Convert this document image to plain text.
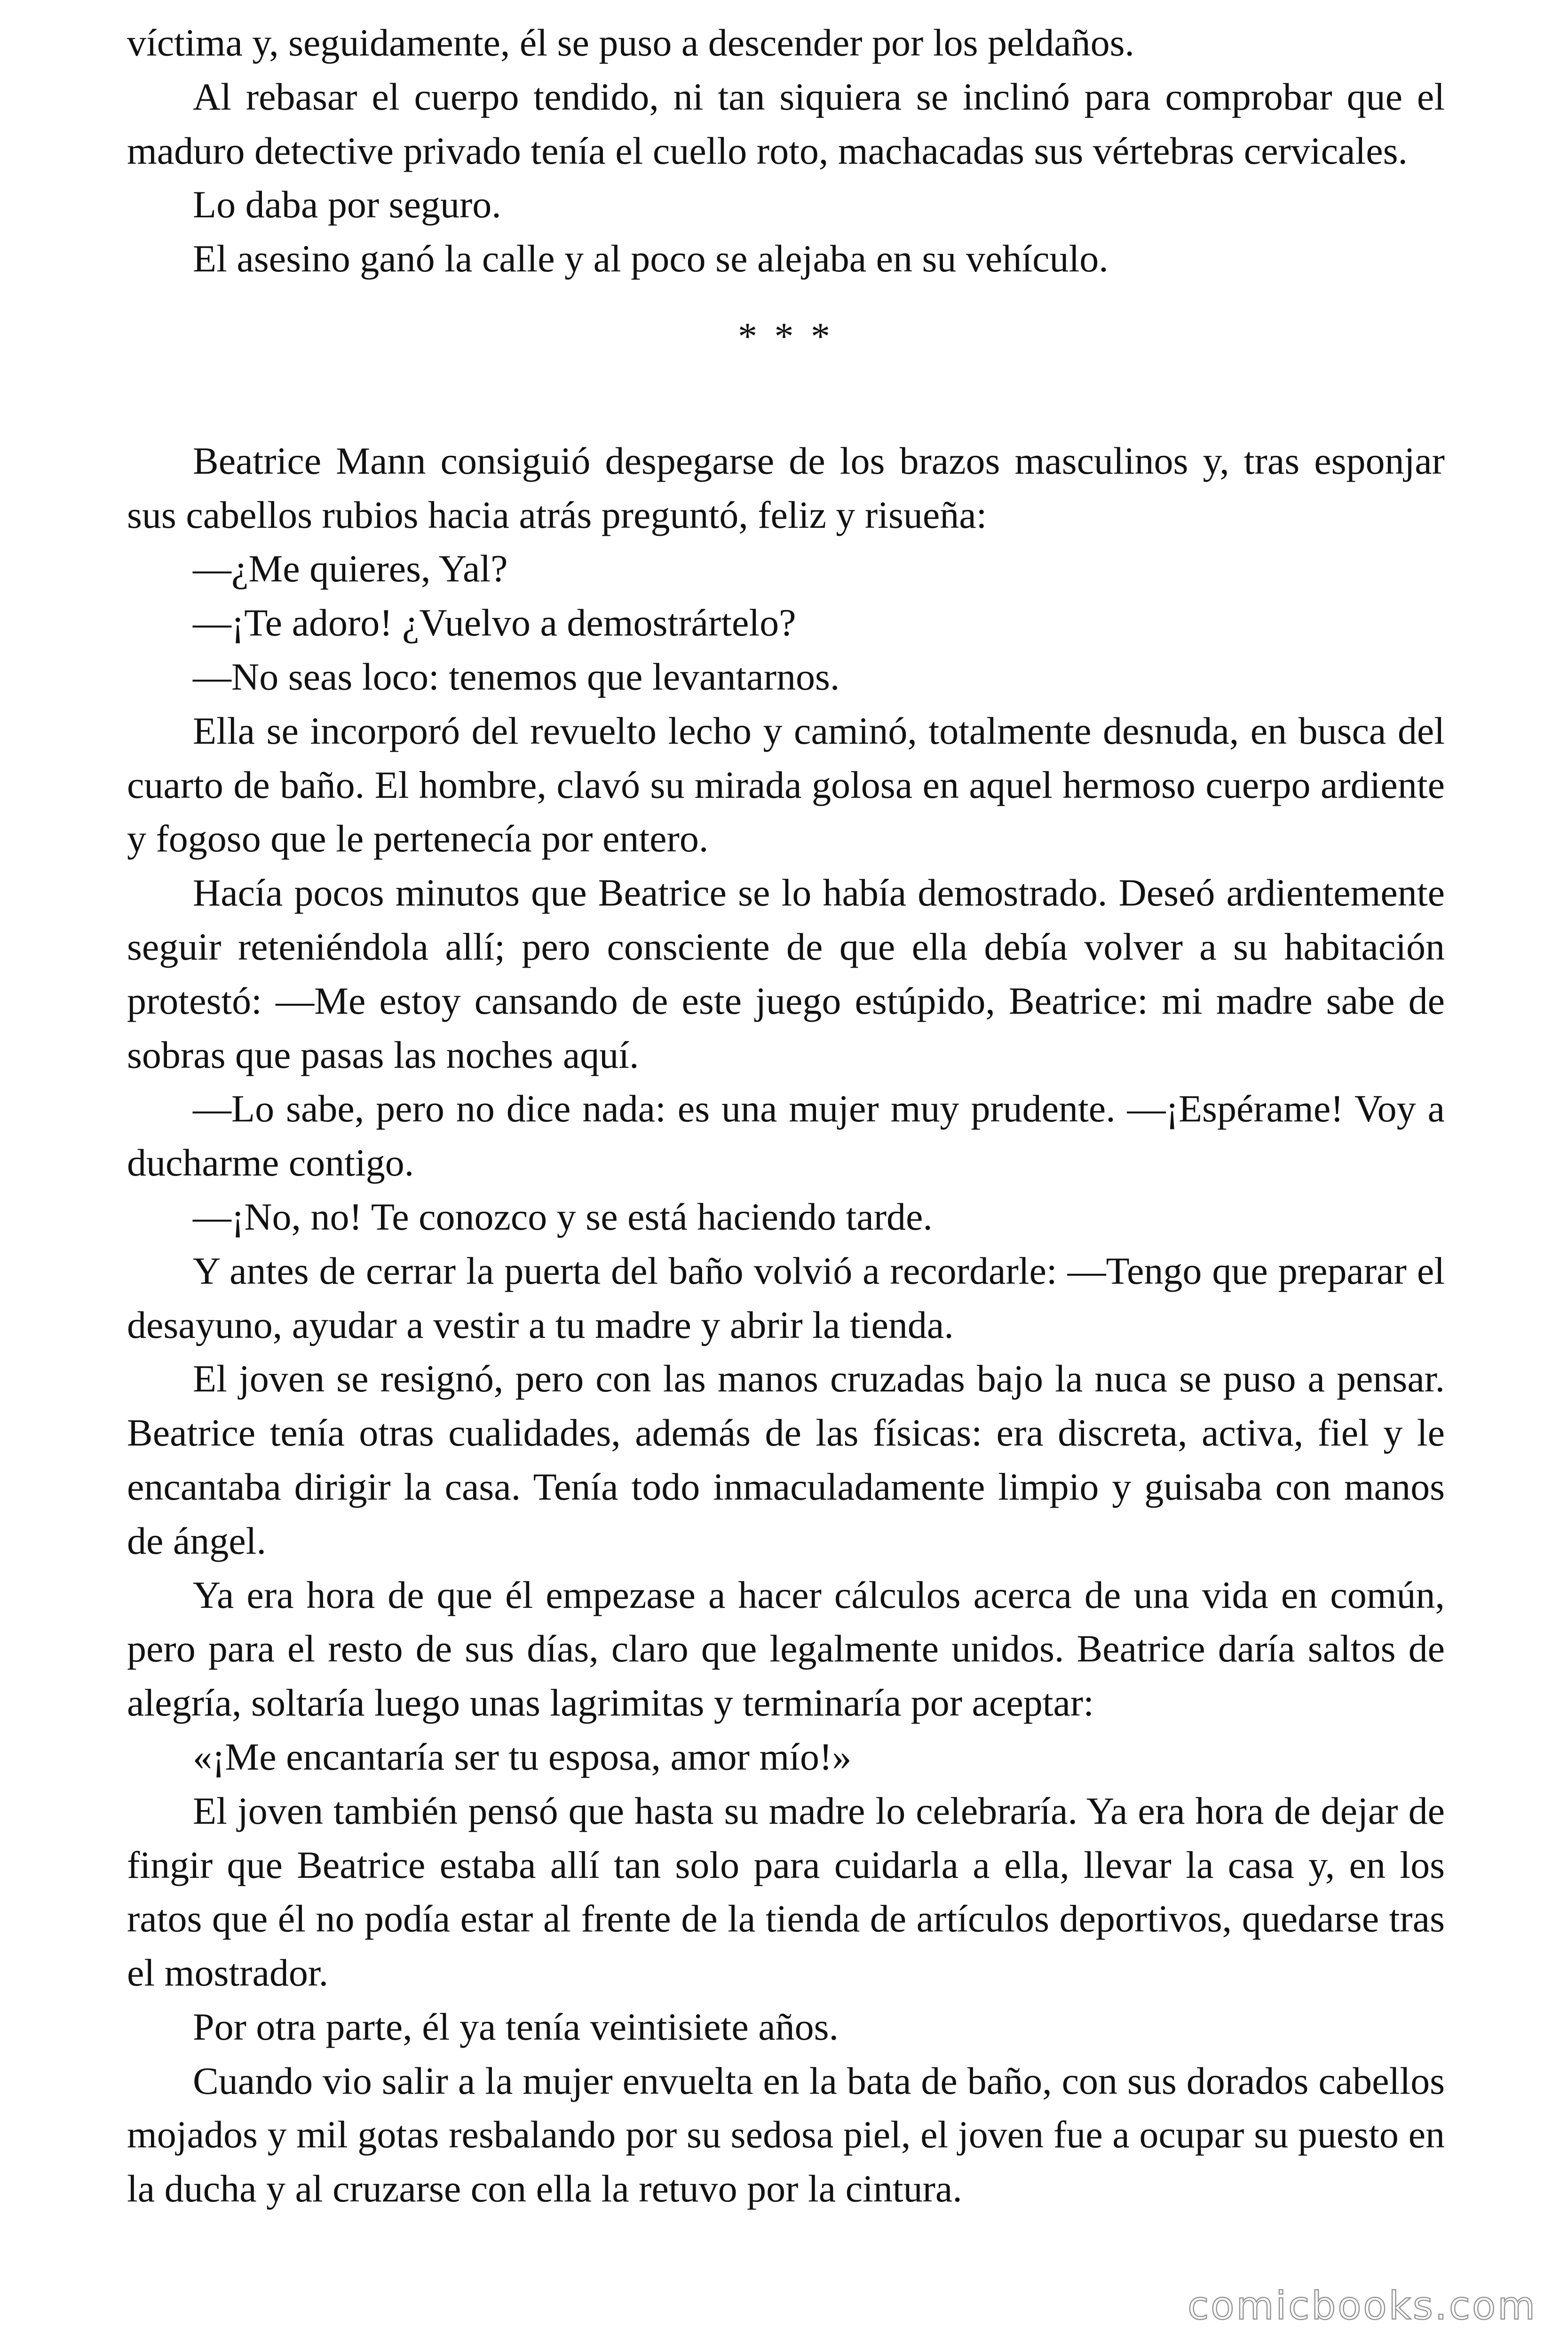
víctima y, seguidamente, él se puso a descender por los peldaños.

Al rebasar el cuerpo tendido, ni tan siquiera se inclinó para comprobar que el maduro detective privado tenía el cuello roto, machacadas sus vértebras cervicales.

Lo daba por seguro.

El asesino ganó la calle y al poco se alejaba en su vehículo.

* * *

Beatrice Mann consiguió despegarse de los brazos masculinos y, tras esponjar sus cabellos rubios hacia atrás preguntó, feliz y risueña:

—¿Me quieres, Yal?

—¡Te adoro! ¿Vuelvo a demostrártelo?

—No seas loco: tenemos que levantarnos.

Ella se incorporó del revuelto lecho y caminó, totalmente desnuda, en busca del cuarto de baño. El hombre, clavó su mirada golosa en aquel hermoso cuerpo ardiente y fogoso que le pertenecía por entero.

Hacía pocos minutos que Beatrice se lo había demostrado. Deseó ardientemente seguir reteniéndola allí; pero consciente de que ella debía volver a su habitación protestó: —Me estoy cansando de este juego estúpido, Beatrice: mi madre sabe de sobras que pasas las noches aquí.

—Lo sabe, pero no dice nada: es una mujer muy prudente. —¡Espérame! Voy a ducharme contigo.

—¡No, no! Te conozco y se está haciendo tarde.

Y antes de cerrar la puerta del baño volvió a recordarle: —Tengo que preparar el desayuno, ayudar a vestir a tu madre y abrir la tienda.

El joven se resignó, pero con las manos cruzadas bajo la nuca se puso a pensar. Beatrice tenía otras cualidades, además de las físicas: era discreta, activa, fiel y le encantaba dirigir la casa. Tenía todo inmaculadamente limpio y guisaba con manos de ángel.

Ya era hora de que él empezase a hacer cálculos acerca de una vida en común, pero para el resto de sus días, claro que legalmente unidos. Beatrice daría saltos de alegría, soltaría luego unas lagrimitas y terminaría por aceptar:

«¡Me encantaría ser tu esposa, amor mío!»

El joven también pensó que hasta su madre lo celebraría. Ya era hora de dejar de fingir que Beatrice estaba allí tan solo para cuidarla a ella, llevar la casa y, en los ratos que él no podía estar al frente de la tienda de artículos deportivos, quedarse tras el mostrador.

Por otra parte, él ya tenía veintisiete años.

Cuando vio salir a la mujer envuelta en la bata de baño, con sus dorados cabellos mojados y mil gotas resbalando por su sedosa piel, el joven fue a ocupar su puesto en la ducha y al cruzarse con ella la retuvo por la cintura.

comicbooks.com
